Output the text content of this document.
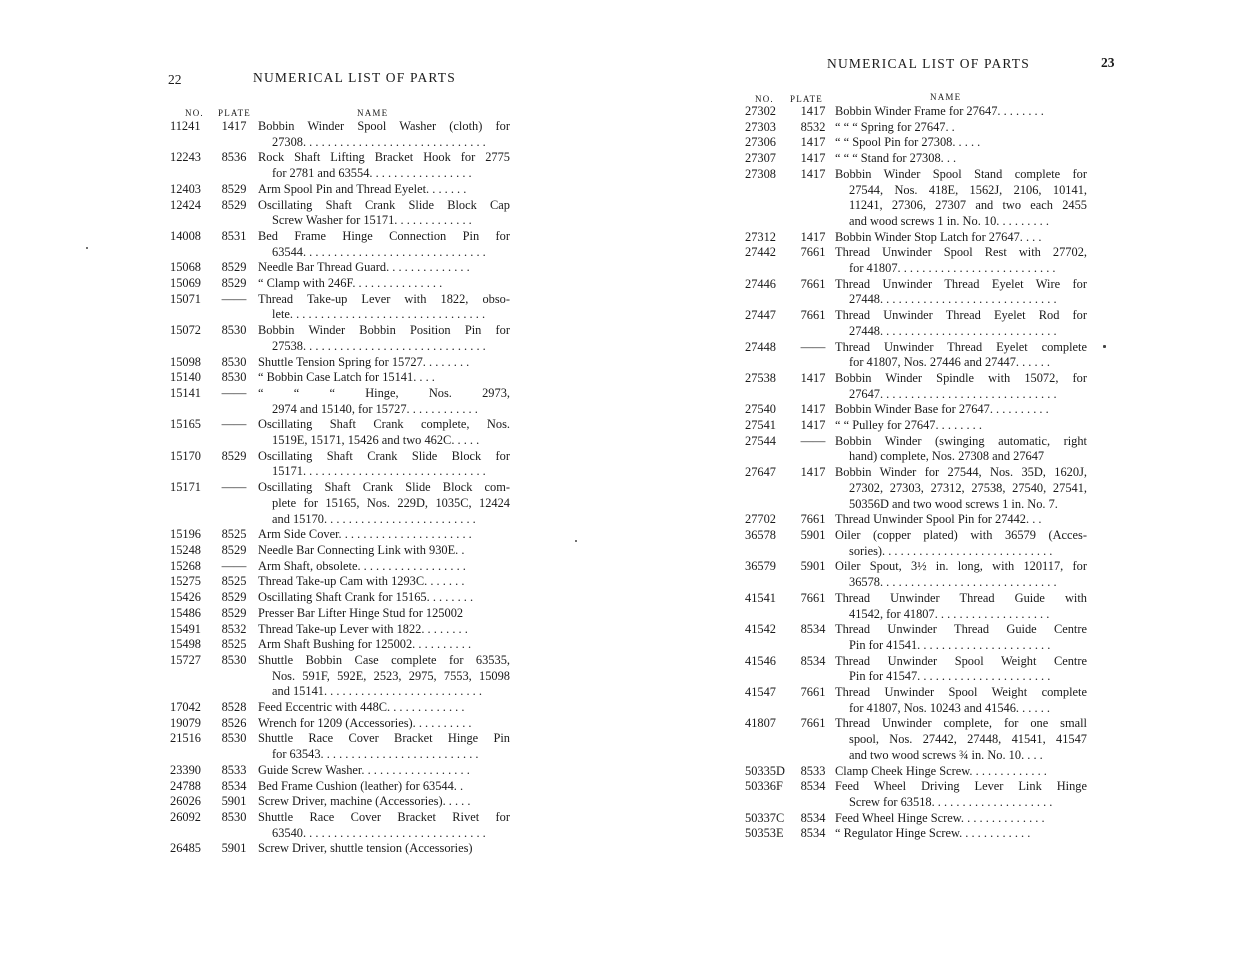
22	NUMERICAL LIST OF PARTS
NO. PLATE	NAME
11241	1417 Bobbin Winder Spool Washer (cloth) for
27308. . . . . . . . . . . . . . . . . . . . . . . . . . . . . .
12243	8536 Rock Shaft Lifting Bracket Hook for 2775
for 2781 and 63554. . . . . . . . . . . . . . . . .
12403	8529 Arm Spool Pin and Thread Eyelet. . . . . . .
12424	8529 Oscillating Shaft Crank Slide Block Cap
Screw Washer for 15171. . . . . . . . . . . . .
14008	8531 Bed Frame Hinge Connection Pin for
63544. . . . . . . . . . . . . . . . . . . . . . . . . . . . . .
15068	8529 Needle Bar Thread Guard. . . . . . . . . . . . . .
15069	8529 “ Clamp with 246F. . . . . . . . . . . . . . .
15071	—— Thread Take-up Lever with 1822, obso-
lete. . . . . . . . . . . . . . . . . . . . . . . . . . . . . . . .
15072	8530 Bobbin Winder Bobbin Position Pin for
27538. . . . . . . . . . . . . . . . . . . . . . . . . . . . . .
15098	8530 Shuttle Tension Spring for 15727. . . . . . . .
15140	8530 “ Bobbin Case Latch for 15141. . . .
15141	—— “ “ “ Hinge, Nos. 2973,
2974 and 15140, for 15727. . . . . . . . . . . .
15165	—— Oscillating Shaft Crank complete, Nos.
1519E, 15171, 15426 and two 462C. . . . .
15170	8529 Oscillating Shaft Crank Slide Block for
15171. . . . . . . . . . . . . . . . . . . . . . . . . . . . . .
15171	—— Oscillating Shaft Crank Slide Block com-
plete for 15165, Nos. 229D, 1035C, 12424
and 15170. . . . . . . . . . . . . . . . . . . . . . . . .
15196	8525 Arm Side Cover. . . . . . . . . . . . . . . . . . . . . .
15248	8529 Needle Bar Connecting Link with 930E. .
15268	—— Arm Shaft, obsolete. . . . . . . . . . . . . . . . . .
15275	8525 Thread Take-up Cam with 1293C. . . . . . .
15426	8529 Oscillating Shaft Crank for 15165. . . . . . . .
15486	8529 Presser Bar Lifter Hinge Stud for 125002
15491	8532 Thread Take-up Lever with 1822. . . . . . . .
15498	8525 Arm Shaft Bushing for 125002. . . . . . . . . .
15727	8530 Shuttle Bobbin Case complete for 63535,
Nos. 591F, 592E, 2523, 2975, 7553, 15098
and 15141. . . . . . . . . . . . . . . . . . . . . . . . . .
17042	8528 Feed Eccentric with 448C. . . . . . . . . . . . .
19079	8526 Wrench for 1209 (Accessories). . . . . . . . . .
21516	8530 Shuttle Race Cover Bracket Hinge Pin
for 63543. . . . . . . . . . . . . . . . . . . . . . . . . .
23390	8533 Guide Screw Washer. . . . . . . . . . . . . . . . . .
24788	8534 Bed Frame Cushion (leather) for 63544. .
26026	5901 Screw Driver, machine (Accessories). . . . .
26092	8530 Shuttle Race Cover Bracket Rivet for
63540. . . . . . . . . . . . . . . . . . . . . . . . . . . . . .
26485	5901 Screw Driver, shuttle tension (Accessories)
NUMERICAL LIST OF PARTS	23
NO. PLATE	NAME
27302	1417 Bobbin Winder Frame for 27647. . . . . . . .
27303	8532 “ “ “ Spring for 27647. .
27306	1417 “ “ Spool Pin for 27308. . . . .
27307	1417 “ “ “ Stand for 27308. . .
27308	1417 Bobbin Winder Spool Stand complete for
27544, Nos. 418E, 1562J, 2106, 10141,
11241, 27306, 27307 and two each 2455
and wood screws 1 in. No. 10. . . . . . . . .
27312	1417 Bobbin Winder Stop Latch for 27647. . . .
27442	7661 Thread Unwinder Spool Rest with 27702,
for 41807. . . . . . . . . . . . . . . . . . . . . . . . . .
27446	7661 Thread Unwinder Thread Eyelet Wire for
27448. . . . . . . . . . . . . . . . . . . . . . . . . . . . .
27447	7661 Thread Unwinder Thread Eyelet Rod for
27448. . . . . . . . . . . . . . . . . . . . . . . . . . . . .
27448	—— Thread Unwinder Thread Eyelet complete
for 41807, Nos. 27446 and 27447. . . . . .
27538	1417 Bobbin Winder Spindle with 15072, for
27647. . . . . . . . . . . . . . . . . . . . . . . . . . . . .
27540	1417 Bobbin Winder Base for 27647. . . . . . . . . .
27541	1417 “ “ Pulley for 27647. . . . . . . .
27544	—— Bobbin Winder (swinging automatic, right
hand) complete, Nos. 27308 and 27647
27647	1417 Bobbin Winder for 27544, Nos. 35D, 1620J,
27302, 27303, 27312, 27538, 27540, 27541,
50356D and two wood screws 1 in. No. 7.
27702	7661 Thread Unwinder Spool Pin for 27442. . .
36578	5901 Oiler (copper plated) with 36579 (Acces-
sories). . . . . . . . . . . . . . . . . . . . . . . . . . . .
36579	5901 Oiler Spout, 3½ in. long, with 120117, for
36578. . . . . . . . . . . . . . . . . . . . . . . . . . . . .
41541	7661 Thread Unwinder Thread Guide with
41542, for 41807. . . . . . . . . . . . . . . . . . .
41542	8534 Thread Unwinder Thread Guide Centre
Pin for 41541. . . . . . . . . . . . . . . . . . . . . .
41546	8534 Thread Unwinder Spool Weight Centre
Pin for 41547. . . . . . . . . . . . . . . . . . . . . .
41547	7661 Thread Unwinder Spool Weight complete
for 41807, Nos. 10243 and 41546. . . . . .
41807	7661 Thread Unwinder complete, for one small
spool, Nos. 27442, 27448, 41541, 41547
and two wood screws ¾ in. No. 10. . . .
50335D	8533 Clamp Cheek Hinge Screw. . . . . . . . . . . . .
50336F	8534 Feed Wheel Driving Lever Link Hinge
Screw for 63518. . . . . . . . . . . . . . . . . . . .
50337C	8534 Feed Wheel Hinge Screw. . . . . . . . . . . . . .
50353E	8534 “ Regulator Hinge Screw. . . . . . . . . . . .
